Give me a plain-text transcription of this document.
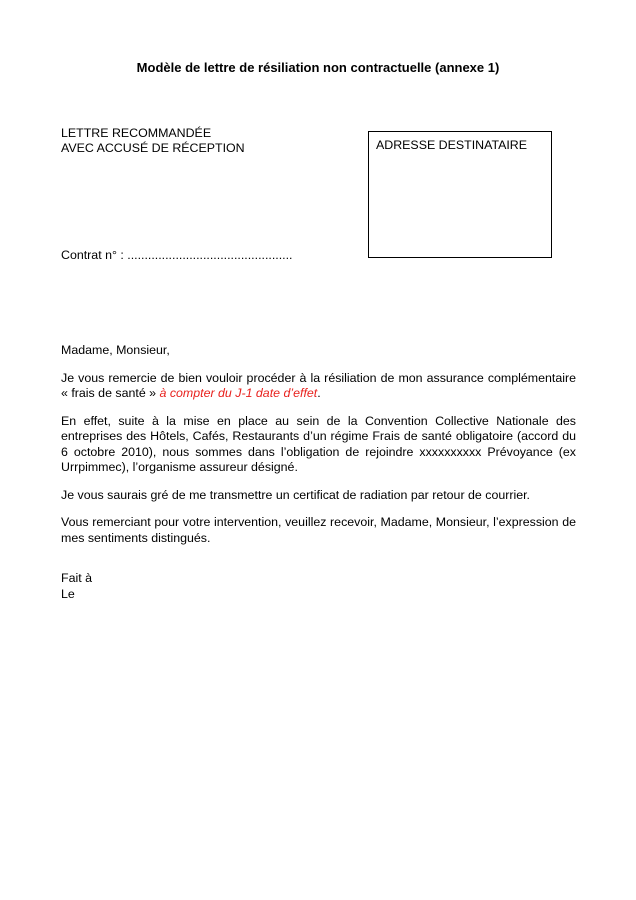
Modèle de lettre de résiliation non contractuelle (annexe 1)
LETTRE RECOMMANDÉE
AVEC ACCUSÉ DE RÉCEPTION	ADRESSE DESTINATAIRE
Contrat n° : ................................................

Madame, Monsieur,

Je vous remercie de bien vouloir procéder à la résiliation de mon assurance complémentaire « frais de santé » à compter du J-1 date d’effet.

En effet, suite à la mise en place au sein de la Convention Collective Nationale des entreprises des Hôtels, Cafés, Restaurants d’un régime Frais de santé obligatoire (accord du 6 octobre 2010), nous sommes dans l’obligation de rejoindre xxxxxxxxxx Prévoyance (ex Urrpimmec), l’organisme assureur désigné.

Je vous saurais gré de me transmettre un certificat de radiation par retour de courrier.

Vous remerciant pour votre intervention, veuillez recevoir, Madame, Monsieur, l’expression de mes sentiments distingués.

Fait à
Le
